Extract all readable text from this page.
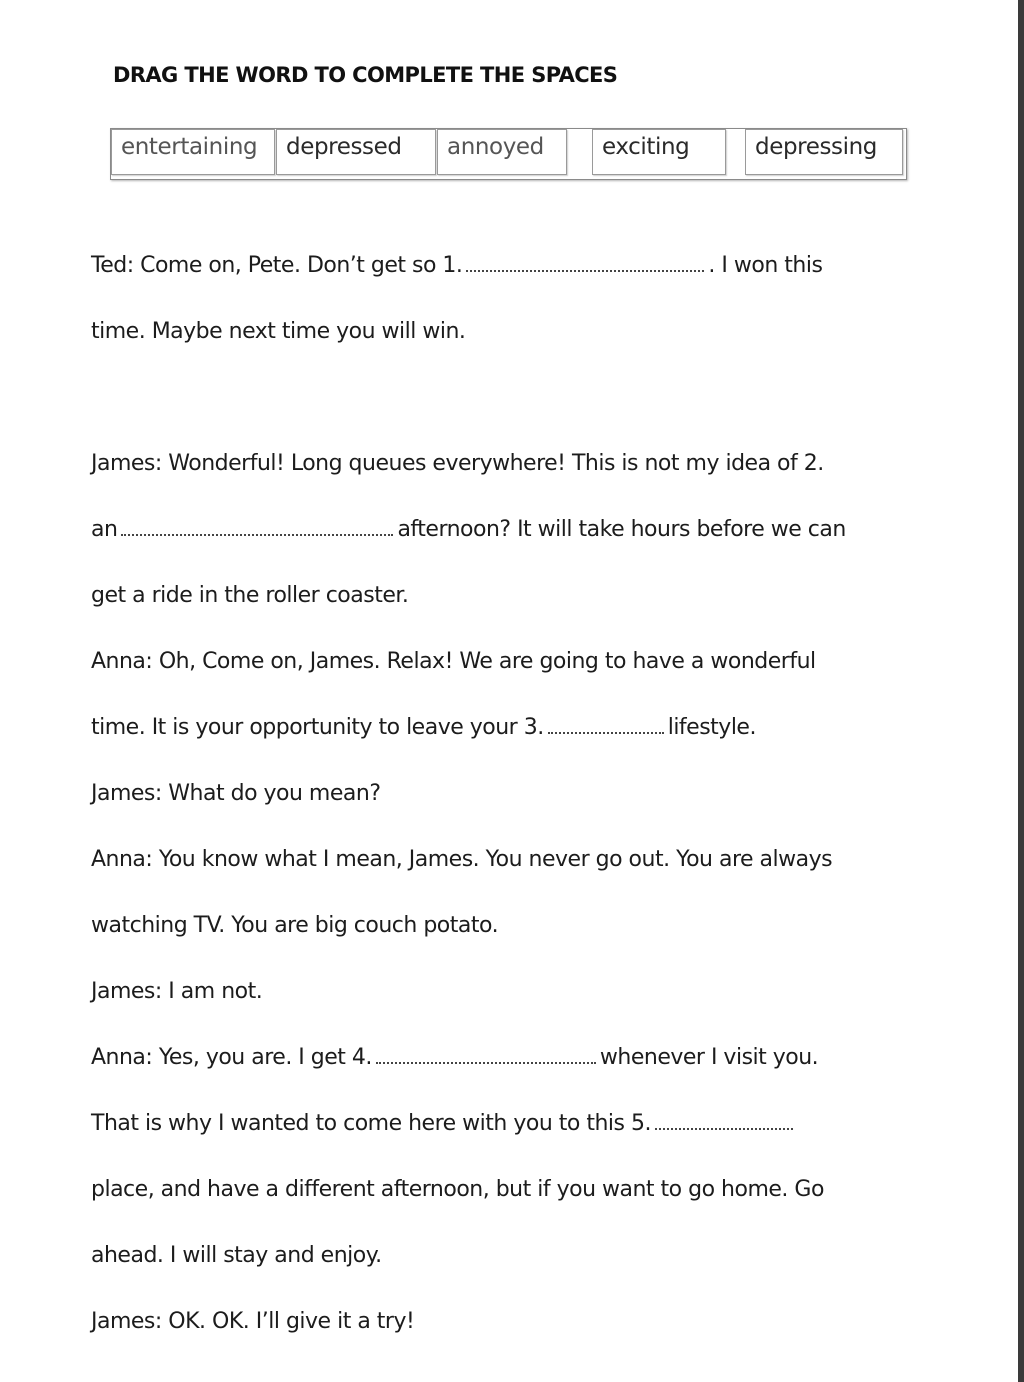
DRAG THE WORD TO COMPLETE THE SPACES
entertaining	depressed	annoyed	exciting	depressing
Ted: Come on, Pete. Don’t get so 1.	. I won this
time. Maybe next time you will win.
James: Wonderful! Long queues everywhere! This is not my idea of 2.
an	afternoon? It will take hours before we can
get a ride in the roller coaster.
Anna: Oh, Come on, James. Relax! We are going to have a wonderful
time. It is your opportunity to leave your 3.	lifestyle.
James: What do you mean?
Anna: You know what I mean, James. You never go out. You are always
watching TV. You are big couch potato.
James: I am not.
Anna: Yes, you are. I get 4.	whenever I visit you.
That is why I wanted to come here with you to this 5.
place, and have a different afternoon, but if you want to go home. Go
ahead. I will stay and enjoy.
James: OK. OK. I’ll give it a try!
